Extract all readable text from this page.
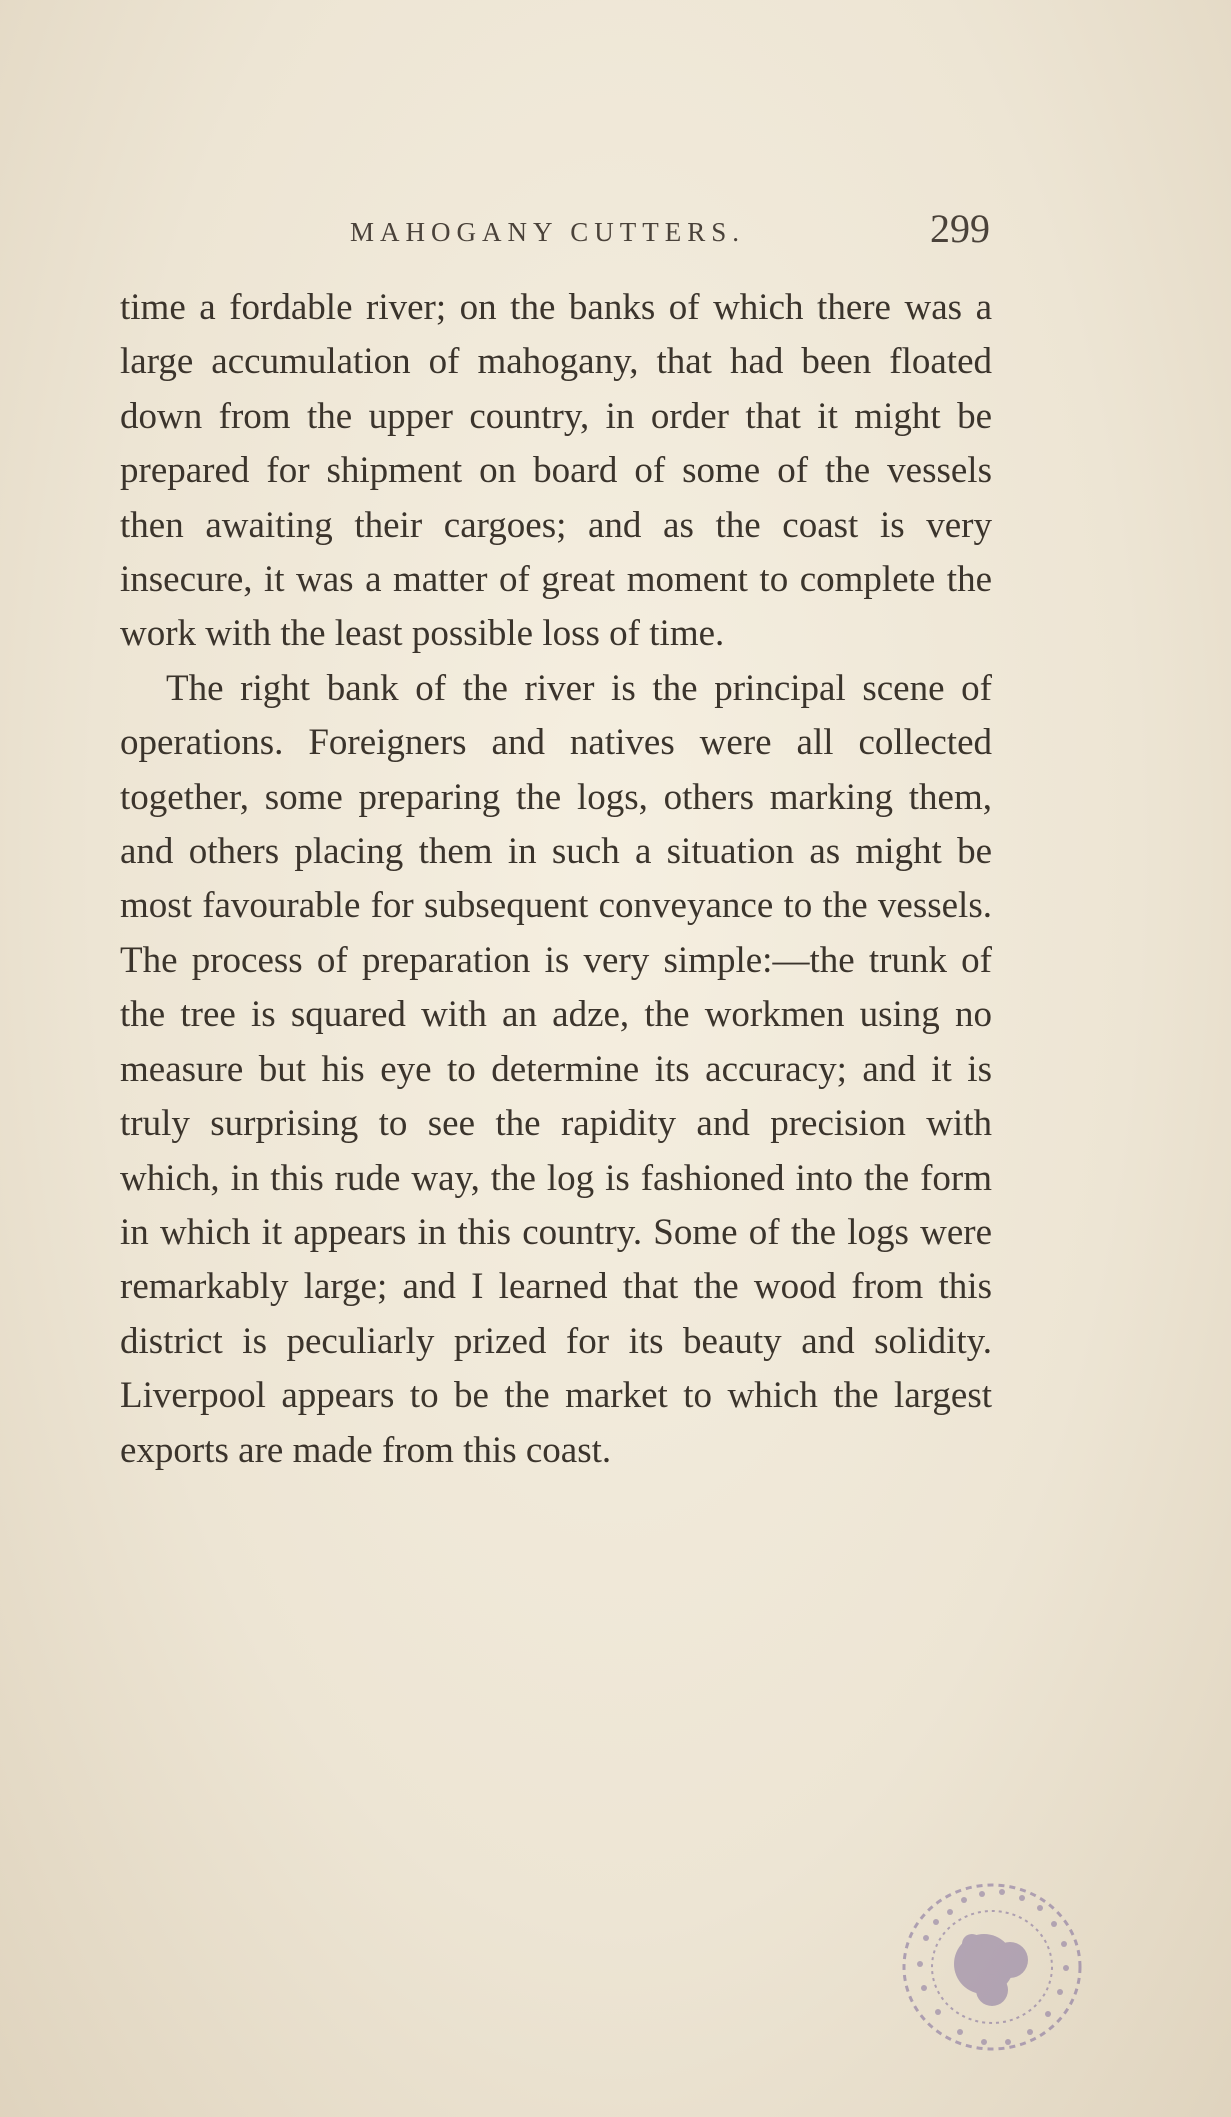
MAHOGANY CUTTERS.	299

time a fordable river; on the banks of which there was a large accumulation of mahogany, that had been floated down from the upper country, in order that it might be prepared for shipment on board of some of the vessels then awaiting their cargoes; and as the coast is very insecure, it was a matter of great moment to complete the work with the least possible loss of time.

The right bank of the river is the principal scene of operations. Foreigners and natives were all collected together, some preparing the logs, others marking them, and others placing them in such a situation as might be most favourable for subsequent conveyance to the vessels. The process of preparation is very simple:—the trunk of the tree is squared with an adze, the workmen using no measure but his eye to determine its accuracy; and it is truly surprising to see the rapidity and precision with which, in this rude way, the log is fashioned into the form in which it appears in this country. Some of the logs were remarkably large; and I learned that the wood from this district is peculiarly prized for its beauty and solidity. Liverpool appears to be the market to which the largest exports are made from this coast.
